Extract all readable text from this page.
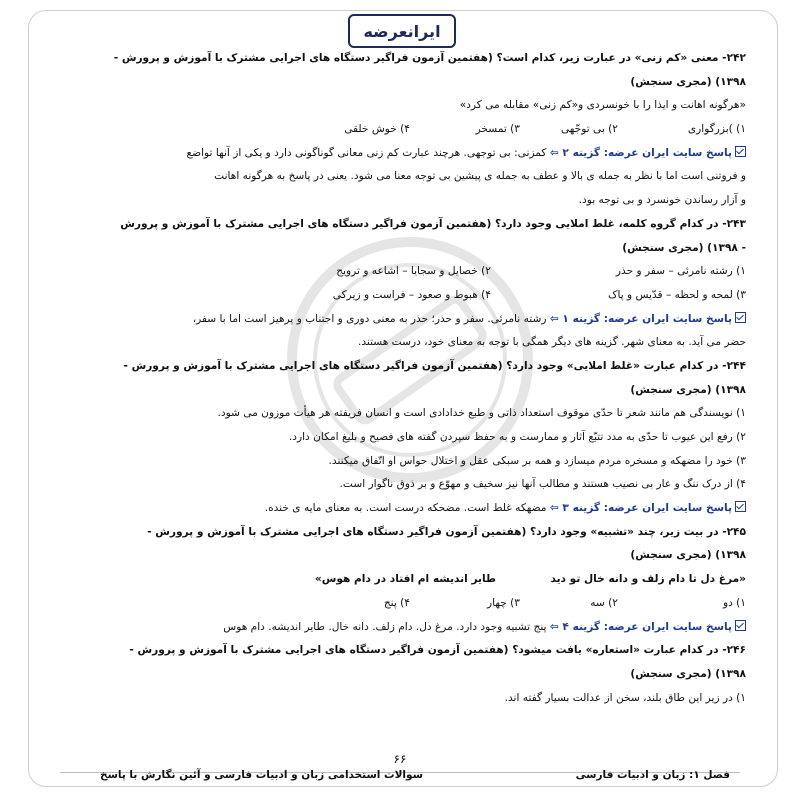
ایرانعرضه
۲۴۲- معنی «کم زنی» در عبارت زیر، کدام است؟ (هفتمین آزمون فراگیر دستگاه های اجرایی مشترک با آموزش و پرورش -
۱۳۹۸) (مجری سنجش)
«هرگونه اهانت و ایذا را با خونسردی و«کم زنی» مقابله می کرد»
۱) )بزرگواری
۲) بی توجّهی
۳) تمسخر
۴) خوش خلقی
پاسخ سایت ایران عرضه: گزینه ۲ ⇦ کمزنی: بی توجهی. هرچند عبارت کم زنی معانی گوناگونی دارد و یکی از آنها تواضع
و فروتنی است اما با نظر به جمله ی بالا و عطف به جمله ی پیشین بی توجه معنا می شود. یعنی در پاسخ به هرگونه اهانت
و آزار رساندن خونسرد و بی توجه بود.
۲۴۳- در کدام گروه کلمه، غلط املایی وجود دارد؟ (هفتمین آزمون فراگیر دستگاه های اجرایی مشترک با آموزش و پرورش
- ۱۳۹۸) (مجری سنجش)
۱) رشته نامرئی – سفر و حذر
۲) خصایل و سجایا – اشاعه و ترویج
۳) لمحه و لحظه – قدّیس و پاک
۴) هبوط و صعود – فراست و زیرکی
پاسخ سایت ایران عرضه: گزینه ۱ ⇦ رشته نامرئی. سفر و حذر؛ حذر به معنی دوری و اجتناب و پرهیز است اما با سفر،
حضر می آید. به معنای شهر. گزینه های دیگر همگی با توجه به معنای خود، درست هستند.
۲۴۴- در کدام عبارت «غلط املایی» وجود دارد؟ (هفتمین آزمون فراگیر دستگاه های اجرایی مشترک با آموزش و پرورش -
۱۳۹۸) (مجری سنجش)
۱) نویسندگی هم مانند شعر تا حدّی موقوف استعداد ذاتی و طبع خدادادی است و انسان فریفته هر هیأت موزون می شود.
۲) رفع این عیوب تا حدّی به مدد تتبّع آثار و ممارست و به حفظ سپردن گفته های فصیح و بلیغ امکان دارد.
۳) خود را مضهکه و مسخره مردم میسازد و همه بر سبکی عقل و اختلال حواس او اتّفاق میکنند.
۴) از درک ننگ و عار بی نصیب هستند و مطالب آنها نیز سخیف و مهوّع و بر ذوق ناگوار است.
پاسخ سایت ایران عرضه: گزینه ۳ ⇦ مضهکه غلط است. مضحکه درست است. به معنای مایه ی خنده.
۲۴۵- در بیت زیر، چند «تشبیه» وجود دارد؟ (هفتمین آزمون فراگیر دستگاه های اجرایی مشترک با آموزش و پرورش -
۱۳۹۸) (مجری سنجش)
«مرغ دل تا دام زلف و دانه خال تو دید
طایر اندیشه ام افتاد در دام هوس»
۱) دو
۲) سه
۳) چهار
۴) پنج
پاسخ سایت ایران عرضه: گزینه ۴ ⇦ پنج تشبیه وجود دارد. مرغ دل. دام زلف. دانه خال. طایر اندیشه. دام هوس
۲۴۶- در کدام عبارت «استعاره» یافت میشود؟ (هفتمین آزمون فراگیر دستگاه های اجرایی مشترک با آموزش و پرورش -
۱۳۹۸) (مجری سنجش)
۱) در زیر این طاق بلند، سخن از عدالت بسیار گفته اند.
۶۶
فصل ۱: زبان و ادبیات فارسی
سوالات استخدامی زبان و ادبیات فارسی و آئین نگارش با پاسخ
